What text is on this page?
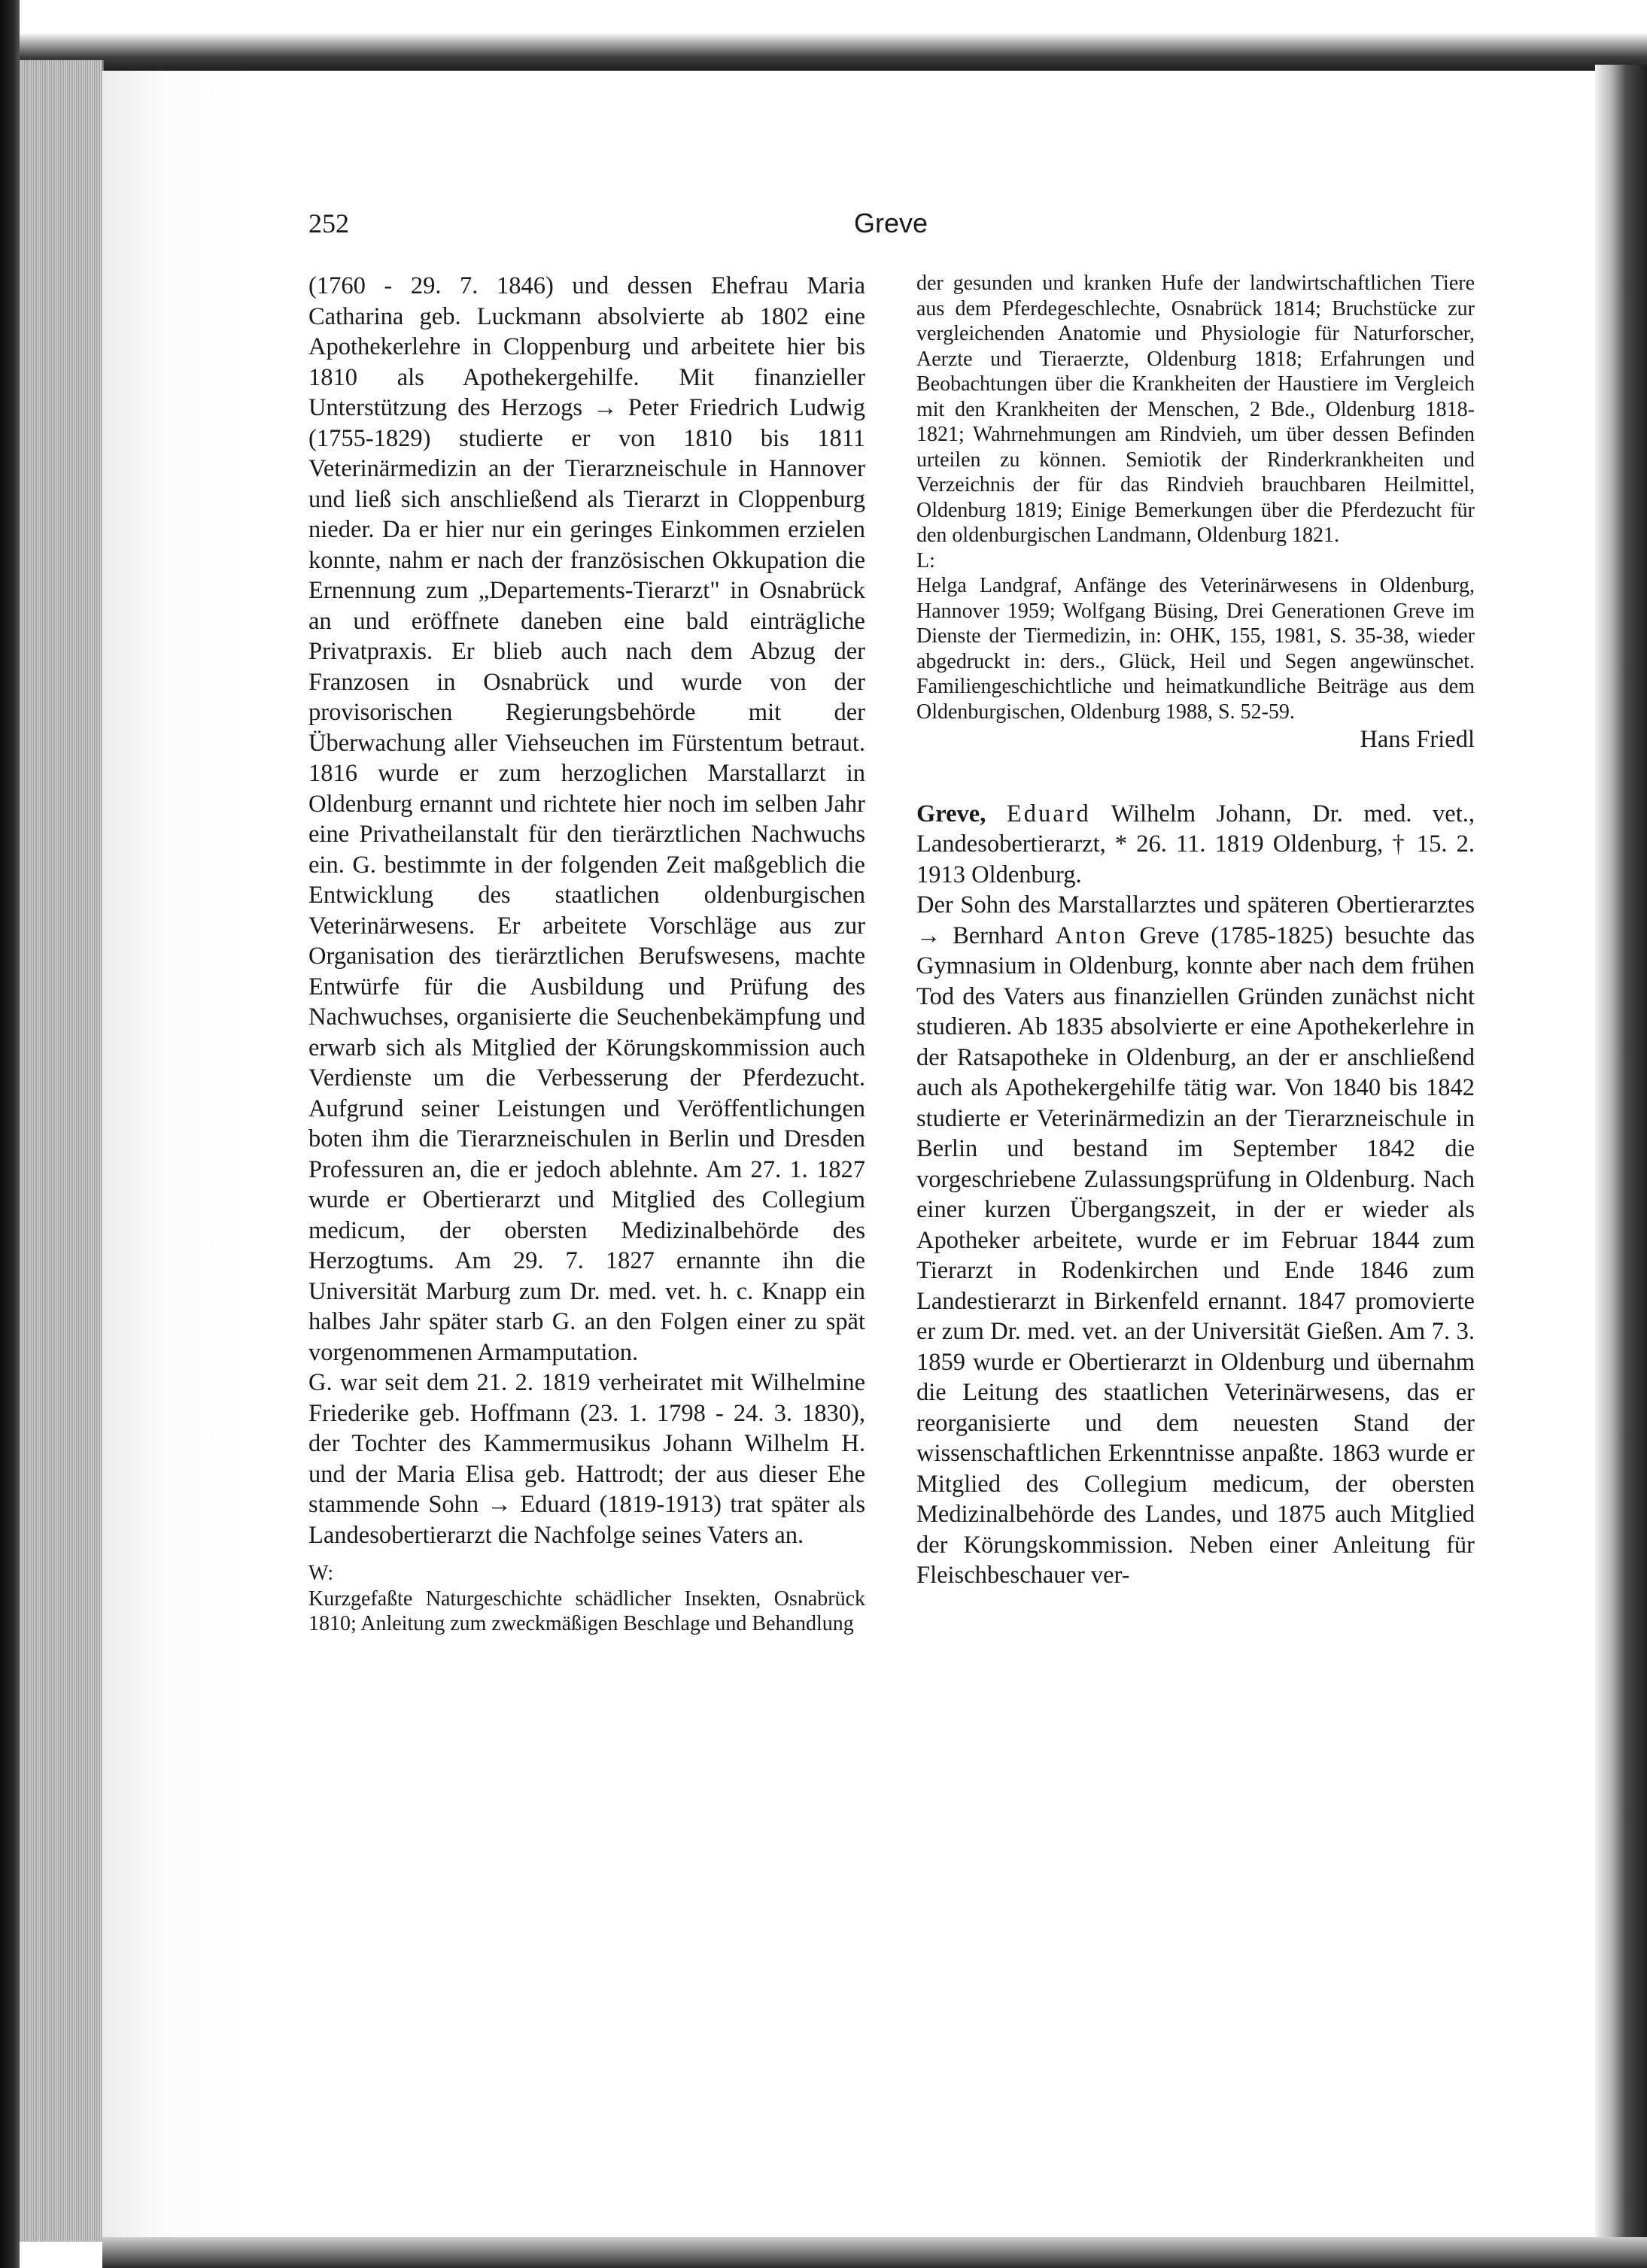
252	Greve

(1760 - 29. 7. 1846) und dessen Ehefrau Maria Catharina geb. Luckmann absolvierte ab 1802 eine Apothekerlehre in Cloppenburg und arbeitete hier bis 1810 als Apothekergehilfe. Mit finanzieller Unterstützung des Herzogs → Peter Friedrich Ludwig (1755-1829) studierte er von 1810 bis 1811 Veterinärmedizin an der Tierarzneischule in Hannover und ließ sich anschließend als Tierarzt in Cloppenburg nieder. Da er hier nur ein geringes Einkommen erzielen konnte, nahm er nach der französischen Okkupation die Ernennung zum „Departements-Tierarzt" in Osnabrück an und eröffnete daneben eine bald einträgliche Privatpraxis. Er blieb auch nach dem Abzug der Franzosen in Osnabrück und wurde von der provisorischen Regierungsbehörde mit der Überwachung aller Viehseuchen im Fürstentum betraut. 1816 wurde er zum herzoglichen Marstallarzt in Oldenburg ernannt und richtete hier noch im selben Jahr eine Privatheilanstalt für den tierärztlichen Nachwuchs ein. G. bestimmte in der folgenden Zeit maßgeblich die Entwicklung des staatlichen oldenburgischen Veterinärwesens. Er arbeitete Vorschläge aus zur Organisation des tierärztlichen Berufswesens, machte Entwürfe für die Ausbildung und Prüfung des Nachwuchses, organisierte die Seuchenbekämpfung und erwarb sich als Mitglied der Körungskommission auch Verdienste um die Verbesserung der Pferdezucht. Aufgrund seiner Leistungen und Veröffentlichungen boten ihm die Tierarzneischulen in Berlin und Dresden Professuren an, die er jedoch ablehnte. Am 27. 1. 1827 wurde er Obertierarzt und Mitglied des Collegium medicum, der obersten Medizinalbehörde des Herzogtums. Am 29. 7. 1827 ernannte ihn die Universität Marburg zum Dr. med. vet. h. c. Knapp ein halbes Jahr später starb G. an den Folgen einer zu spät vorgenommenen Armamputation.

G. war seit dem 21. 2. 1819 verheiratet mit Wilhelmine Friederike geb. Hoffmann (23. 1. 1798 - 24. 3. 1830), der Tochter des Kammermusikus Johann Wilhelm H. und der Maria Elisa geb. Hattrodt; der aus dieser Ehe stammende Sohn → Eduard (1819-1913) trat später als Landesobertierarzt die Nachfolge seines Vaters an.

W:

Kurzgefaßte Naturgeschichte schädlicher Insekten, Osnabrück 1810; Anleitung zum zweckmäßigen Beschlage und Behandlung

der gesunden und kranken Hufe der landwirtschaftlichen Tiere aus dem Pferdegeschlechte, Osnabrück 1814; Bruchstücke zur vergleichenden Anatomie und Physiologie für Naturforscher, Aerzte und Tieraerzte, Oldenburg 1818; Erfahrungen und Beobachtungen über die Krankheiten der Haustiere im Vergleich mit den Krankheiten der Menschen, 2 Bde., Oldenburg 1818-1821; Wahrnehmungen am Rindvieh, um über dessen Befinden urteilen zu können. Semiotik der Rinderkrankheiten und Verzeichnis der für das Rindvieh brauchbaren Heilmittel, Oldenburg 1819; Einige Bemerkungen über die Pferdezucht für den oldenburgischen Landmann, Oldenburg 1821.

L:

Helga Landgraf, Anfänge des Veterinärwesens in Oldenburg, Hannover 1959; Wolfgang Büsing, Drei Generationen Greve im Dienste der Tiermedizin, in: OHK, 155, 1981, S. 35-38, wieder abgedruckt in: ders., Glück, Heil und Segen angewünschet. Familiengeschichtliche und heimatkundliche Beiträge aus dem Oldenburgischen, Oldenburg 1988, S. 52-59.

Hans Friedl

Greve, Eduard Wilhelm Johann, Dr. med. vet., Landesobertierarzt, * 26. 11. 1819 Oldenburg, † 15. 2. 1913 Oldenburg.

Der Sohn des Marstallarztes und späteren Obertierarztes → Bernhard Anton Greve (1785-1825) besuchte das Gymnasium in Oldenburg, konnte aber nach dem frühen Tod des Vaters aus finanziellen Gründen zunächst nicht studieren. Ab 1835 absolvierte er eine Apothekerlehre in der Ratsapotheke in Oldenburg, an der er anschließend auch als Apothekergehilfe tätig war. Von 1840 bis 1842 studierte er Veterinärmedizin an der Tierarzneischule in Berlin und bestand im September 1842 die vorgeschriebene Zulassungsprüfung in Oldenburg. Nach einer kurzen Übergangszeit, in der er wieder als Apotheker arbeitete, wurde er im Februar 1844 zum Tierarzt in Rodenkirchen und Ende 1846 zum Landestierarzt in Birkenfeld ernannt. 1847 promovierte er zum Dr. med. vet. an der Universität Gießen. Am 7. 3. 1859 wurde er Obertierarzt in Oldenburg und übernahm die Leitung des staatlichen Veterinärwesens, das er reorganisierte und dem neuesten Stand der wissenschaftlichen Erkenntnisse anpaßte. 1863 wurde er Mitglied des Collegium medicum, der obersten Medizinalbehörde des Landes, und 1875 auch Mitglied der Körungskommission. Neben einer Anleitung für Fleischbeschauer ver-
